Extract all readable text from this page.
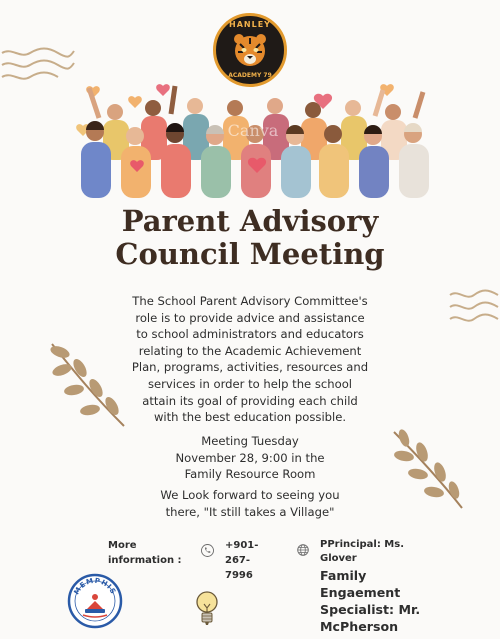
HANLEY
ACADEMY 79
Canva
Parent Advisory
Council Meeting
The School Parent Advisory Committee's
role is to provide advice and assistance
to school administrators and educators
relating to the Academic Achievement
Plan, programs, activities, resources and
services in order to help the school
attain its goal of providing each child
with the best education possible.
Meeting Tuesday
November 28, 9:00 in the
Family Resource Room
We Look forward to seeing you
there, "It still takes a Village"
More
information :
+901-267-
7996
PPrincipal: Ms.
Glover
Family
Engaement
Specialist: Mr.
McPherson
MEMPHIS
